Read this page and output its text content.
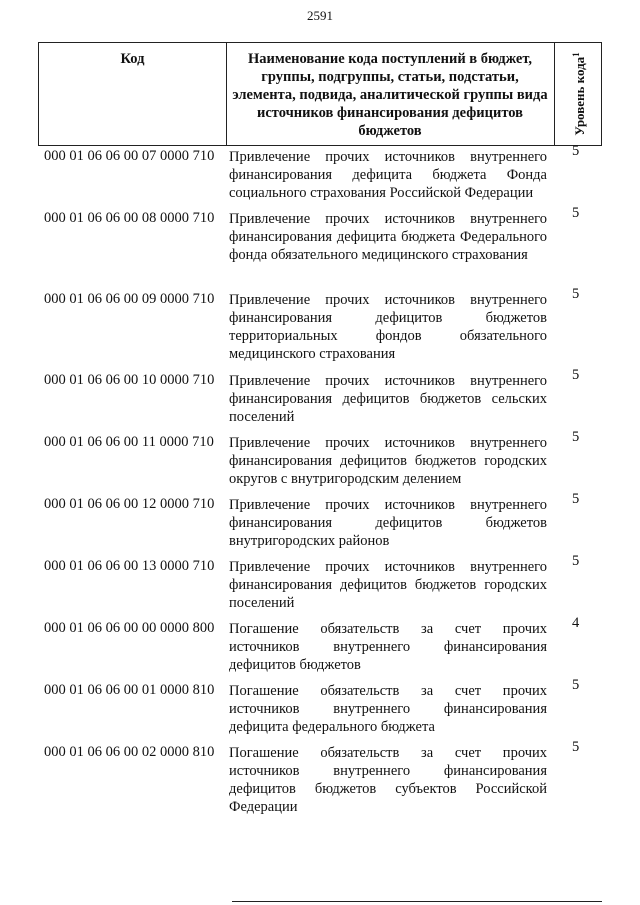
2591
Код	Наименование кода поступлений в бюджет, группы, подгруппы, статьи, подстатьи, элемента, подвида, аналитической группы вида источников финансирования дефицитов бюджетов	Уровень кода$^1$
000 01 06 06 00 07 0000 710 Привлечение прочих источников внутреннего финансирования дефицита бюджета Фонда социального страхования Российской Федерации
5
000 01 06 06 00 08 0000 710 Привлечение прочих источников внутреннего финансирования дефицита бюджета Федерального фонда обязательного медицинского страхования
5
000 01 06 06 00 09 0000 710 Привлечение прочих источников внутреннего финансирования дефицитов бюджетов территориальных фондов обязательного медицинского страхования
5
000 01 06 06 00 10 0000 710 Привлечение прочих источников внутреннего финансирования дефицитов бюджетов сельских поселений
5
000 01 06 06 00 11 0000 710 Привлечение прочих источников внутреннего финансирования дефицитов бюджетов городских округов с внутригородским делением
5
000 01 06 06 00 12 0000 710 Привлечение прочих источников внутреннего финансирования дефицитов бюджетов внутригородских районов
5
000 01 06 06 00 13 0000 710 Привлечение прочих источников внутреннего финансирования дефицитов бюджетов городских поселений
5
000 01 06 06 00 00 0000 800 Погашение обязательств за счет прочих источников внутреннего финансирования дефицитов бюджетов
4
000 01 06 06 00 01 0000 810 Погашение обязательств за счет прочих источников внутреннего финансирования дефицита федерального бюджета
5
000 01 06 06 00 02 0000 810 Погашение обязательств за счет прочих источников внутреннего финансирования дефицитов бюджетов субъектов Российской Федерации
5
